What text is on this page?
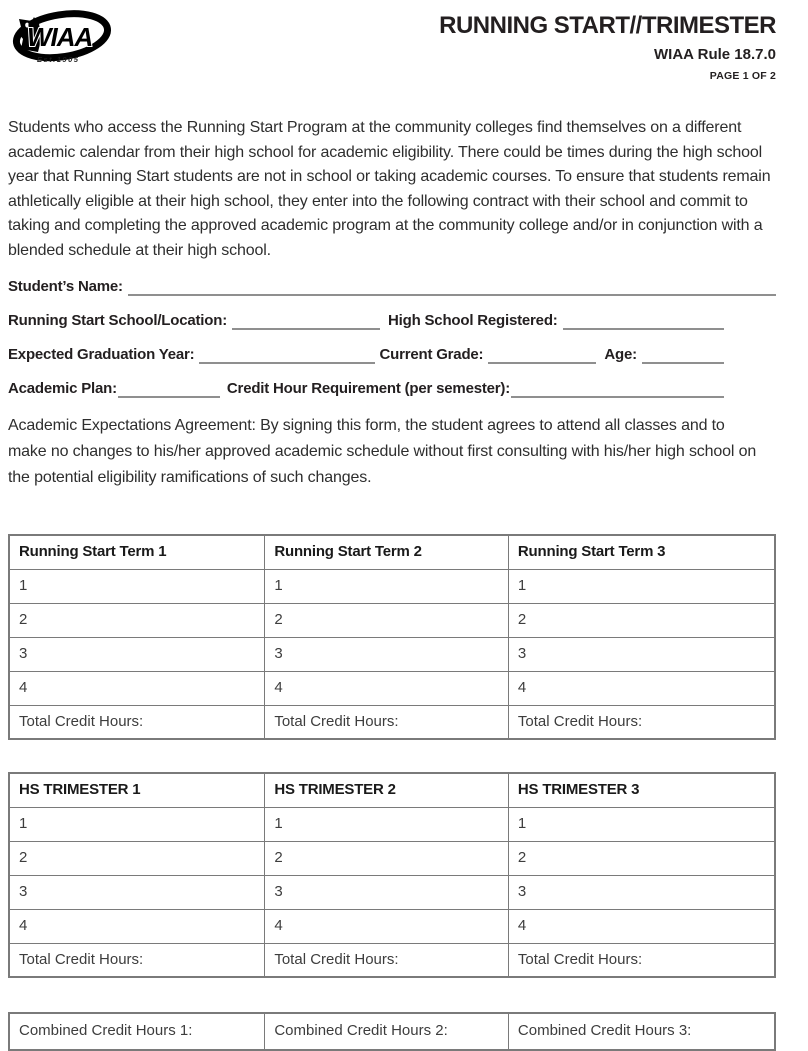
WIAA
Est.1905
RUNNING START//TRIMESTER
WIAA Rule 18.7.0
PAGE 1 OF 2

Students who access the Running Start Program at the community colleges find themselves on a different academic calendar from their high school for academic eligibility. There could be times during the high school year that Running Start students are not in school or taking academic courses. To ensure that students remain athletically eligible at their high school, they enter into the following contract with their school and commit to taking and completing the approved academic program at the community college and/or in conjunction with a blended schedule at their high school.

Student’s Name:
Running Start School/Location:	High School Registered:
Expected Graduation Year:	Current Grade:	Age:
Academic Plan:	Credit Hour Requirement (per semester):

Academic Expectations Agreement: By signing this form, the student agrees to attend all classes and to make no changes to his/her approved academic schedule without first consulting with his/her high school on the potential eligibility ramifications of such changes.

Running Start Term 1	Running Start Term 2	Running Start Term 3
1	1	1
2	2	2
3	3	3
4	4	4
Total Credit Hours:	Total Credit Hours:	Total Credit Hours:
HS TRIMESTER 1	HS TRIMESTER 2	HS TRIMESTER 3
1	1	1
2	2	2
3	3	3
4	4	4
Total Credit Hours:	Total Credit Hours:	Total Credit Hours:
Combined Credit Hours 1:	Combined Credit Hours 2:	Combined Credit Hours 3:
